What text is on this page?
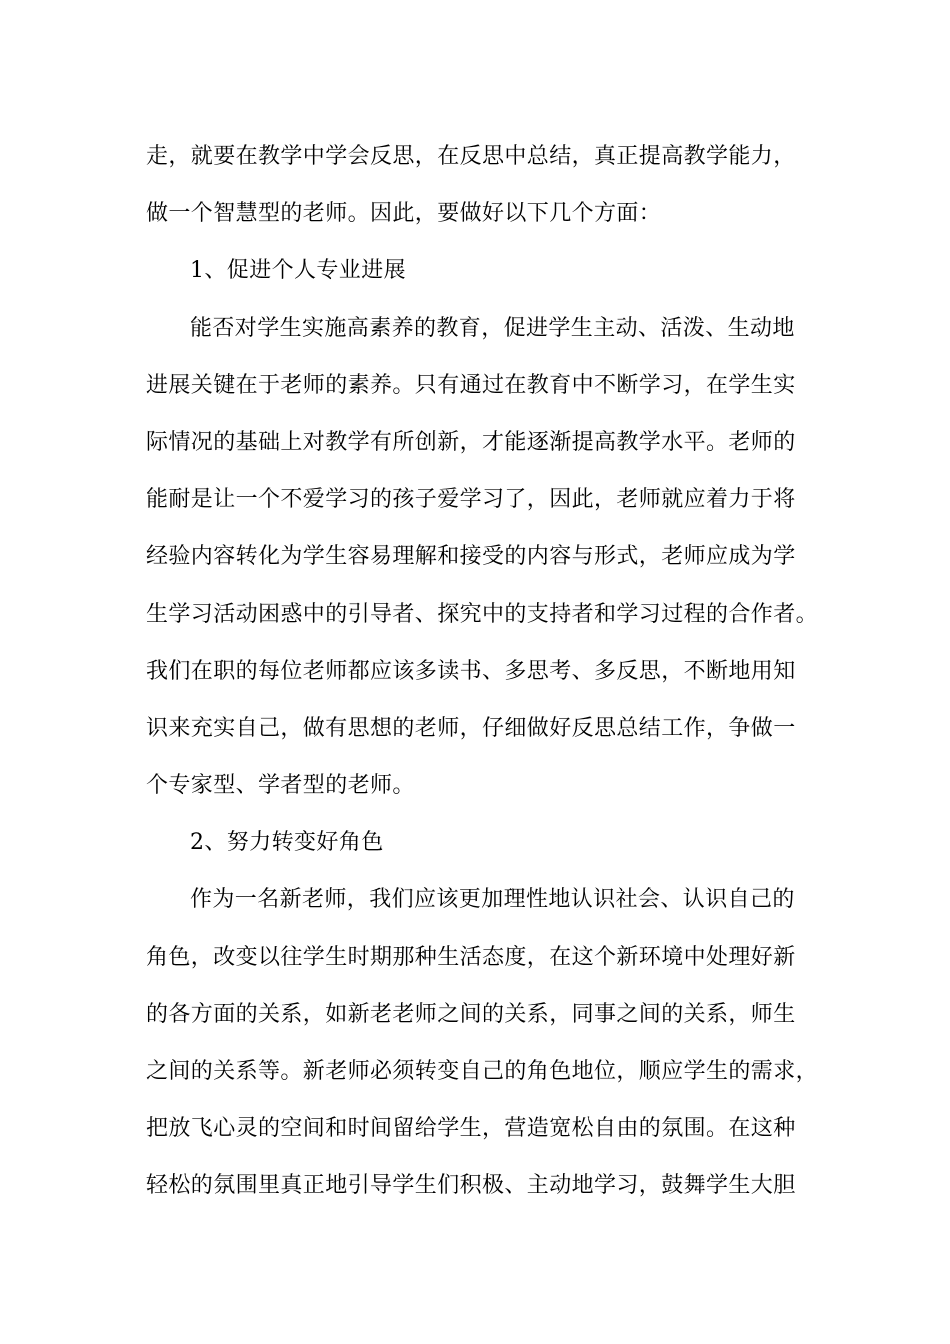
走，就要在教学中学会反思，在反思中总结，真正提高教学能力，
做一个智慧型的老师。因此，要做好以下几个方面：
1、促进个人专业进展
能否对学生实施高素养的教育，促进学生主动、活泼、生动地
进展关键在于老师的素养。只有通过在教育中不断学习，在学生实
际情况的基础上对教学有所创新，才能逐渐提高教学水平。老师的
能耐是让一个不爱学习的孩子爱学习了，因此，老师就应着力于将
经验内容转化为学生容易理解和接受的内容与形式，老师应成为学
生学习活动困惑中的引导者、探究中的支持者和学习过程的合作者。
我们在职的每位老师都应该多读书、多思考、多反思，不断地用知
识来充实自己，做有思想的老师，仔细做好反思总结工作，争做一
个专家型、学者型的老师。
2、努力转变好角色
作为一名新老师，我们应该更加理性地认识社会、认识自己的
角色，改变以往学生时期那种生活态度，在这个新环境中处理好新
的各方面的关系，如新老老师之间的关系，同事之间的关系，师生
之间的关系等。新老师必须转变自己的角色地位，顺应学生的需求，
把放飞心灵的空间和时间留给学生，营造宽松自由的氛围。在这种
轻松的氛围里真正地引导学生们积极、主动地学习，鼓舞学生大胆
